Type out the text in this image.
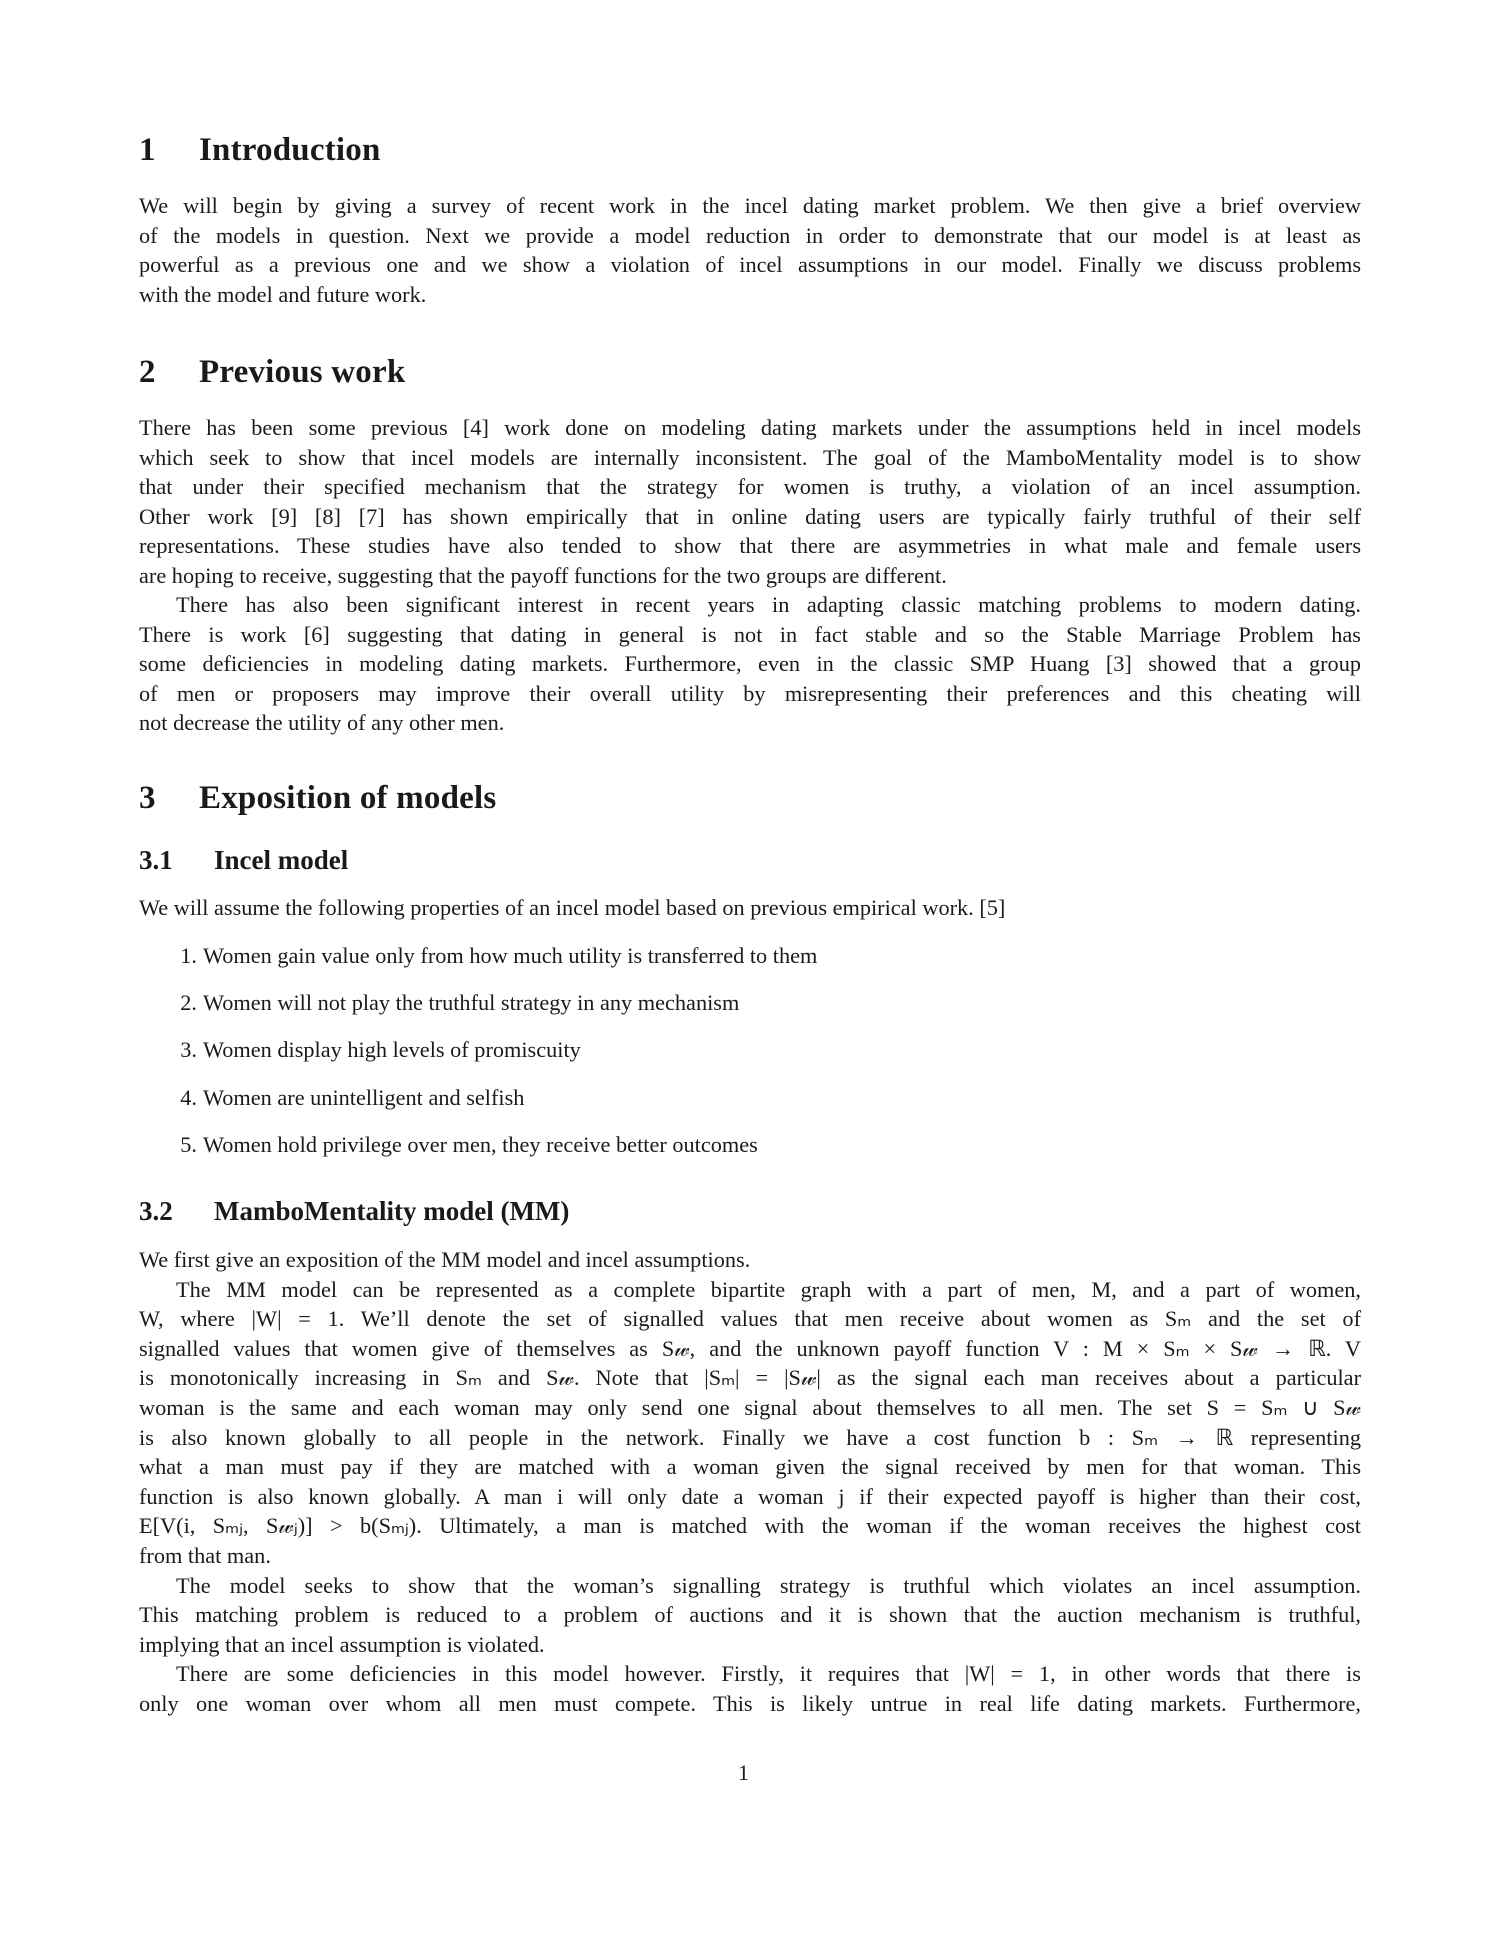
1 Introduction
We will begin by giving a survey of recent work in the incel dating market problem. We then give a brief overview
of the models in question. Next we provide a model reduction in order to demonstrate that our model is at least as
powerful as a previous one and we show a violation of incel assumptions in our model. Finally we discuss problems
with the model and future work.
2 Previous work
There has been some previous [4] work done on modeling dating markets under the assumptions held in incel models
which seek to show that incel models are internally inconsistent. The goal of the MamboMentality model is to show
that under their specified mechanism that the strategy for women is truthy, a violation of an incel assumption.
Other work [9] [8] [7] has shown empirically that in online dating users are typically fairly truthful of their self
representations. These studies have also tended to show that there are asymmetries in what male and female users
are hoping to receive, suggesting that the payoff functions for the two groups are different.
There has also been significant interest in recent years in adapting classic matching problems to modern dating.
There is work [6] suggesting that dating in general is not in fact stable and so the Stable Marriage Problem has
some deficiencies in modeling dating markets. Furthermore, even in the classic SMP Huang [3] showed that a group
of men or proposers may improve their overall utility by misrepresenting their preferences and this cheating will
not decrease the utility of any other men.
3 Exposition of models
3.1 Incel model
We will assume the following properties of an incel model based on previous empirical work. [5]
1. Women gain value only from how much utility is transferred to them
2. Women will not play the truthful strategy in any mechanism
3. Women display high levels of promiscuity
4. Women are unintelligent and selfish
5. Women hold privilege over men, they receive better outcomes
3.2 MamboMentality model (MM)
We first give an exposition of the MM model and incel assumptions.
The MM model can be represented as a complete bipartite graph with a part of men, M, and a part of women,
W, where |W| = 1. We’ll denote the set of signalled values that men receive about women as Sₘ and the set of
signalled values that women give of themselves as S𝓌, and the unknown payoff function V : M × Sₘ × S𝓌 → ℝ. V
is monotonically increasing in Sₘ and S𝓌. Note that |Sₘ| = |S𝓌| as the signal each man receives about a particular
woman is the same and each woman may only send one signal about themselves to all men. The set S = Sₘ ∪ S𝓌
is also known globally to all people in the network. Finally we have a cost function b : Sₘ → ℝ representing
what a man must pay if they are matched with a woman given the signal received by men for that woman. This
function is also known globally. A man i will only date a woman j if their expected payoff is higher than their cost,
E[V(i, Sₘⱼ, S𝓌ⱼ)] > b(Sₘⱼ). Ultimately, a man is matched with the woman if the woman receives the highest cost
from that man.
The model seeks to show that the woman’s signalling strategy is truthful which violates an incel assumption.
This matching problem is reduced to a problem of auctions and it is shown that the auction mechanism is truthful,
implying that an incel assumption is violated.
There are some deficiencies in this model however. Firstly, it requires that |W| = 1, in other words that there is
only one woman over whom all men must compete. This is likely untrue in real life dating markets. Furthermore,
1
